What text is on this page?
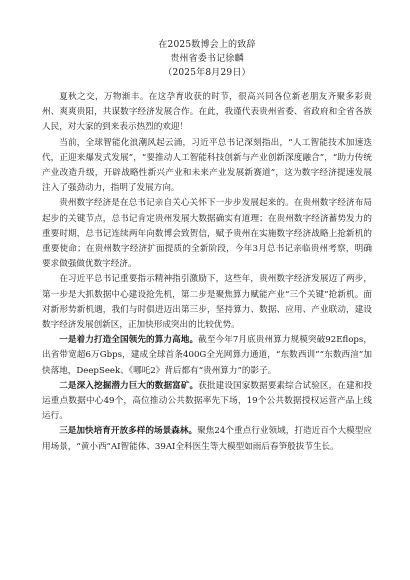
在2025数博会上的致辞
贵州省委书记徐麟
（2025年8月29日）

夏秋之交，万物渐丰。在这孕育收获的时节，很高兴同各位新老朋友齐聚多彩贵州、爽爽贵阳，共谋数字经济发展合作。在此，我谨代表贵州省委、省政府和全省各族人民，对大家的到来表示热烈的欢迎！

当前，全球智能化浪潮风起云涌，习近平总书记深刻指出，“人工智能技术加速迭代，正迎来爆发式发展”，“要推动人工智能科技创新与产业创新深度融合”，“助力传统产业改造升级，开辟战略性新兴产业和未来产业发展新赛道”，这为数字经济提速发展注入了强劲动力，指明了发展方向。

贵州数字经济是在总书记亲自关心关怀下一步步发展起来的。在贵州数字经济布局起步的关键节点，总书记肯定贵州发展大数据确实有道理；在贵州数字经济蓄势发力的重要时期，总书记连续两年向数博会致贺信，赋予贵州在实施数字经济战略上抢新机的重要使命；在贵州数字经济扩面提质的全新阶段，今年3月总书记亲临贵州考察，明确要求做强做优数字经济。

在习近平总书记重要指示精神指引激励下，这些年，贵州数字经济发展迈了两步，第一步是大抓数据中心建设抢先机，第二步是聚焦算力赋能产业“三个关键”抢新机。面对新形势新机遇，我们与时俱进迈出第三步，坚持算力、数据、应用、产业联动，建设数字经济发展创新区，正加快形成突出的比较优势。

一是着力打造全国领先的算力高地。截至今年7月底贵州算力规模突破92Eflops，出省带宽超6万Gbps，建成全球首条400G全光网算力通道，“东数西训”“东数西渲”加快落地，DeepSeek、《哪吒2》背后都有“贵州算力”的影子。

二是深入挖掘潜力巨大的数据富矿。获批建设国家数据要素综合试验区，在建和投运重点数据中心49个，高位推动公共数据率先下场，19个公共数据授权运营产品上线运行。

三是加快培育开放多样的场景森林。聚焦24个重点行业领域，打造近百个大模型应用场景，“黄小西”AI智能体、39AI全科医生等大模型如雨后春笋般拔节生长。
